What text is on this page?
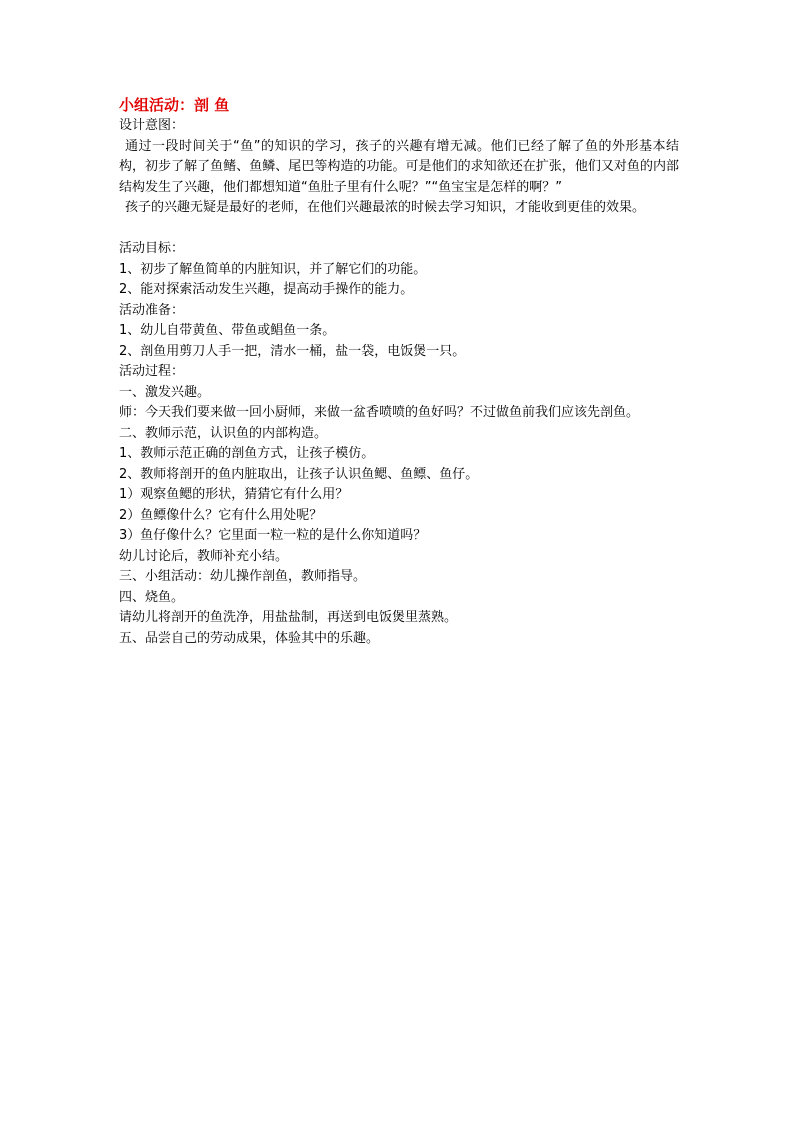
小组活动：剖 鱼

设计意图：

通过一段时间关于“鱼”的知识的学习，孩子的兴趣有增无减。他们已经了解了鱼的外形基本结构，初步了解了鱼鳍、鱼鳞、尾巴等构造的功能。可是他们的求知欲还在扩张，他们又对鱼的内部结构发生了兴趣，他们都想知道“鱼肚子里有什么呢？”“鱼宝宝是怎样的啊？”

孩子的兴趣无疑是最好的老师，在他们兴趣最浓的时候去学习知识，才能收到更佳的效果。

活动目标：

1、初步了解鱼简单的内脏知识，并了解它们的功能。

2、能对探索活动发生兴趣，提高动手操作的能力。

活动准备：

1、幼儿自带黄鱼、带鱼或鲳鱼一条。

2、剖鱼用剪刀人手一把，清水一桶，盐一袋，电饭煲一只。

活动过程：

一、激发兴趣。

师：今天我们要来做一回小厨师，来做一盆香喷喷的鱼好吗？不过做鱼前我们应该先剖鱼。

二、教师示范，认识鱼的内部构造。

1、教师示范正确的剖鱼方式，让孩子模仿。

2、教师将剖开的鱼内脏取出，让孩子认识鱼鳃、鱼鳔、鱼仔。

1）观察鱼鳃的形状，猜猜它有什么用？

2）鱼鳔像什么？它有什么用处呢？

3）鱼仔像什么？它里面一粒一粒的是什么你知道吗？

幼儿讨论后，教师补充小结。

三、小组活动：幼儿操作剖鱼，教师指导。

四、烧鱼。

请幼儿将剖开的鱼洗净，用盐盐制，再送到电饭煲里蒸熟。

五、品尝自己的劳动成果，体验其中的乐趣。
